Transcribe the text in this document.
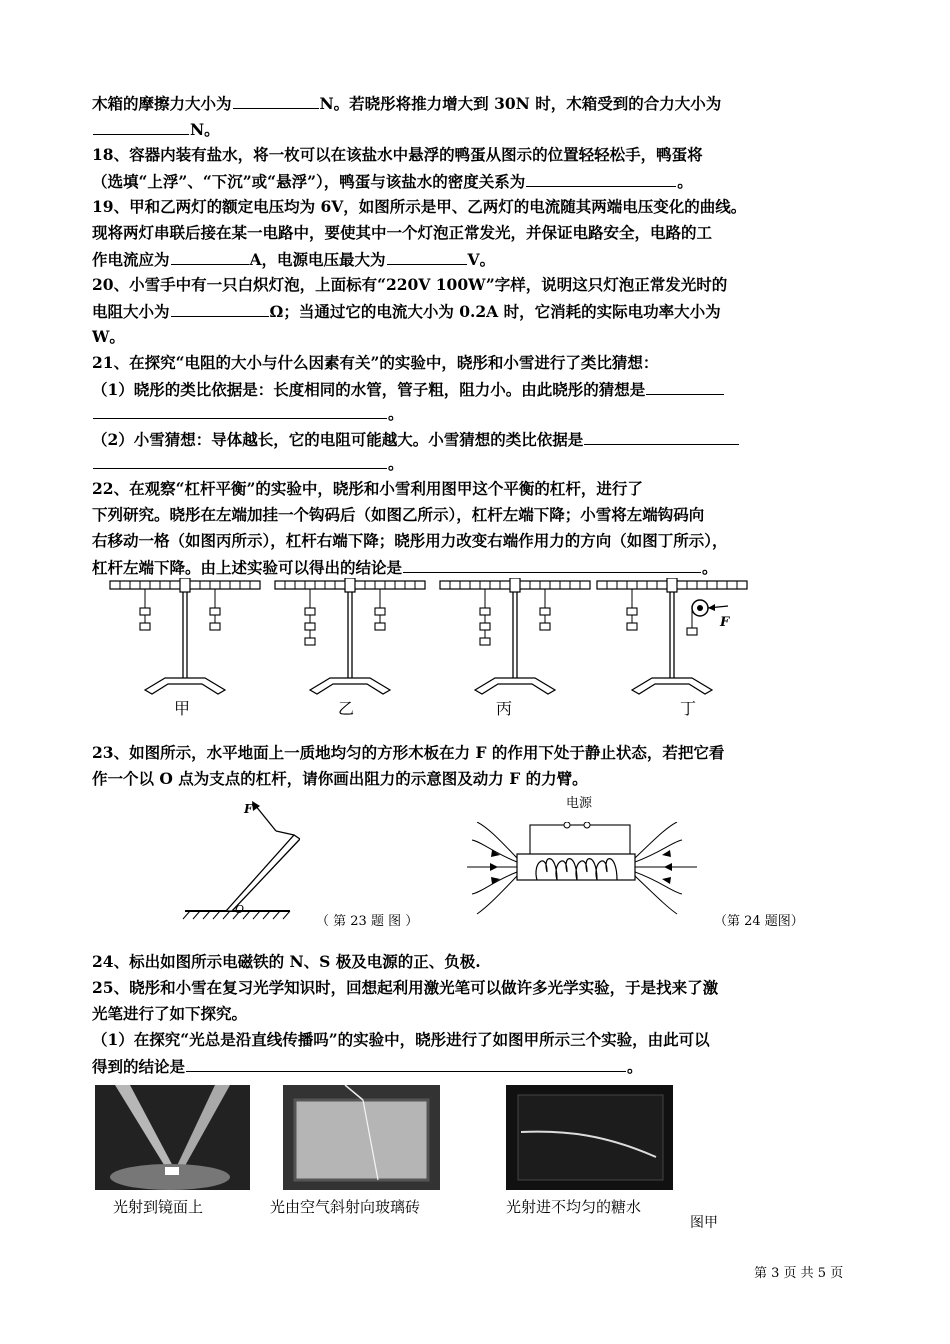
木箱的摩擦力大小为	N。若晓彤将推力增大到 30N 时，木箱受到的合力大小为
N。
18、容器内装有盐水，将一枚可以在该盐水中悬浮的鸭蛋从图示的位置轻轻松手，鸭蛋将
（选填“上浮”、“下沉”或“悬浮”），鸭蛋与该盐水的密度关系为	。
19、甲和乙两灯的额定电压均为 6V，如图所示是甲、乙两灯的电流随其两端电压变化的曲线。
现将两灯串联后接在某一电路中，要使其中一个灯泡正常发光，并保证电路安全，电路的工
作电流应为	A，电源电压最大为	V。
20、小雪手中有一只白炽灯泡，上面标有“220V 100W”字样，说明这只灯泡正常发光时的
电阻大小为	Ω；当通过它的电流大小为 0.2A 时，它消耗的实际电功率大小为
W。
21、在探究“电阻的大小与什么因素有关”的实验中，晓彤和小雪进行了类比猜想：
（1）晓彤的类比依据是：长度相同的水管，管子粗，阻力小。由此晓彤的猜想是
。
（2）小雪猜想：导体越长，它的电阻可能越大。小雪猜想的类比依据是
。
22、在观察“杠杆平衡”的实验中，晓彤和小雪利用图甲这个平衡的杠杆，进行了
下列研究。晓彤在左端加挂一个钩码后（如图乙所示），杠杆左端下降；小雪将左端钩码向
右移动一格（如图丙所示），杠杆右端下降；晓彤用力改变右端作用力的方向（如图丁所示），
杠杆左端下降。由上述实验可以得出的结论是	。
甲	乙	丙
F
丁
23、如图所示，水平地面上一质地均匀的方形木板在力 F 的作用下处于静止状态，若把它看
作一个以 O 点为支点的杠杆，请你画出阻力的示意图及动力 F 的力臂。
F
O
（ 第 23 题 图 ）
电源
（第 24 题图）
24、标出如图所示电磁铁的 N、S 极及电源的正、负极.
25、晓彤和小雪在复习光学知识时，回想起利用激光笔可以做许多光学实验，于是找来了激
光笔进行了如下探究。
（1）在探究“光总是沿直线传播吗”的实验中，晓彤进行了如图甲所示三个实验，由此可以
得到的结论是	。
光射到镜面上	光由空气斜射向玻璃砖	光射进不均匀的糖水
图甲
第 3 页 共 5 页
